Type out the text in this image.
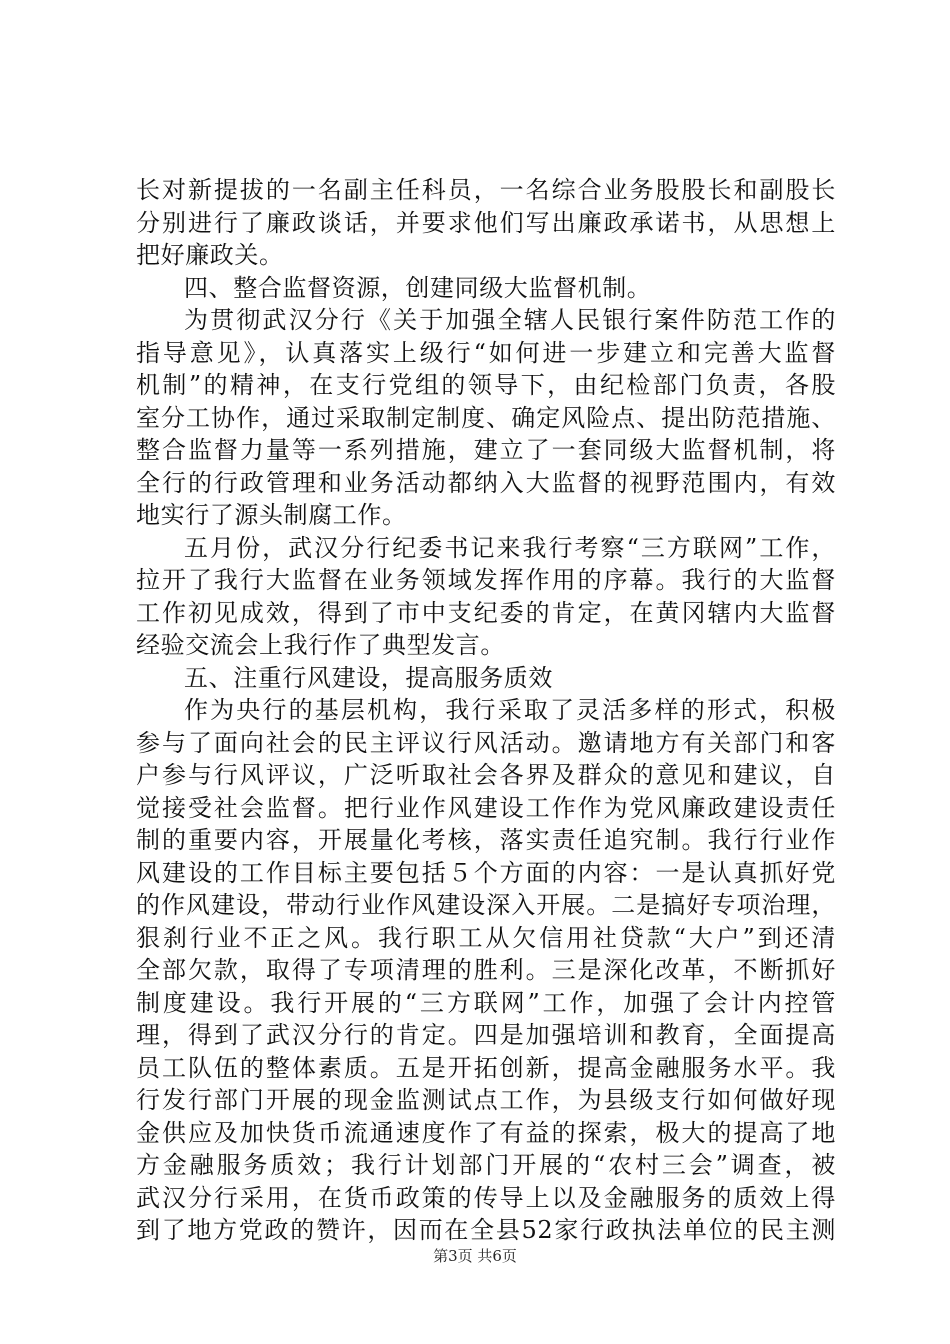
长对新提拔的一名副主任科员，一名综合业务股股长和副股长
分别进行了廉政谈话，并要求他们写出廉政承诺书，从思想上
把好廉政关。
四、整合监督资源，创建同级大监督机制。
为贯彻武汉分行《关于加强全辖人民银行案件防范工作的
指导意见》，认真落实上级行“如何进一步建立和完善大监督
机制”的精神，在支行党组的领导下，由纪检部门负责，各股
室分工协作，通过采取制定制度、确定风险点、提出防范措施、
整合监督力量等一系列措施，建立了一套同级大监督机制，将
全行的行政管理和业务活动都纳入大监督的视野范围内，有效
地实行了源头制腐工作。
五月份，武汉分行纪委书记来我行考察“三方联网”工作，
拉开了我行大监督在业务领域发挥作用的序幕。我行的大监督
工作初见成效，得到了市中支纪委的肯定，在黄冈辖内大监督
经验交流会上我行作了典型发言。
五、注重行风建设，提高服务质效
作为央行的基层机构，我行采取了灵活多样的形式，积极
参与了面向社会的民主评议行风活动。邀请地方有关部门和客
户参与行风评议，广泛听取社会各界及群众的意见和建议，自
觉接受社会监督。把行业作风建设工作作为党风廉政建设责任
制的重要内容，开展量化考核，落实责任追究制。我行行业作
风建设的工作目标主要包括５个方面的内容：一是认真抓好党
的作风建设，带动行业作风建设深入开展。二是搞好专项治理，
狠刹行业不正之风。我行职工从欠信用社贷款“大户”到还清
全部欠款，取得了专项清理的胜利。三是深化改革，不断抓好
制度建设。我行开展的“三方联网”工作，加强了会计内控管
理，得到了武汉分行的肯定。四是加强培训和教育，全面提高
员工队伍的整体素质。五是开拓创新，提高金融服务水平。我
行发行部门开展的现金监测试点工作，为县级支行如何做好现
金供应及加快货币流通速度作了有益的探索，极大的提高了地
方金融服务质效；我行计划部门开展的“农村三会”调查，被
武汉分行采用，在货币政策的传导上以及金融服务的质效上得
到了地方党政的赞许，因而在全县52家行政执法单位的民主测
第3页 共6页
